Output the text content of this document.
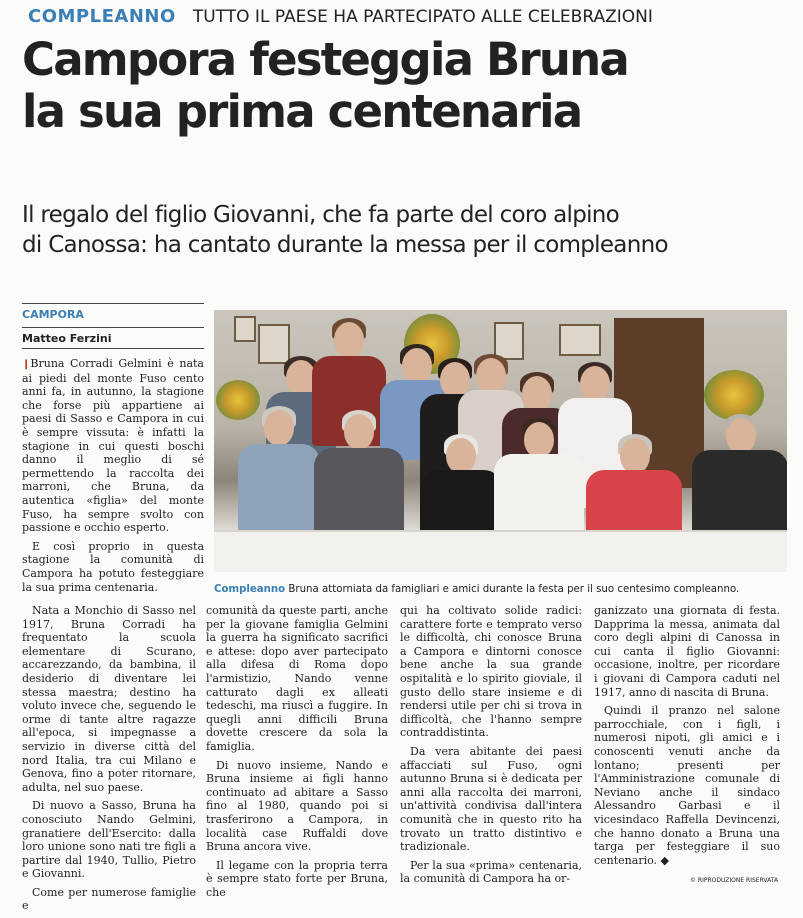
COMPLEANNO TUTTO IL PAESE HA PARTECIPATO ALLE CELEBRAZIONI
Campora festeggia Bruna
la sua prima centenaria
Il regalo del figlio Giovanni, che fa parte del coro alpino
di Canossa: ha cantato durante la messa per il compleanno
CAMPORA
Matteo Ferzini

❙ Bruna Corradi Gelmini è nata ai piedi del monte Fuso cento anni fa, in autunno, la stagione che forse più appartiene ai paesi di Sasso e Campora in cui è sempre vissuta: è infatti la stagione in cui questi boschi danno il meglio di sé permettendo la raccolta dei marroni, che Bruna, da autentica «figlia» del monte Fuso, ha sempre svolto con passione e occhio esperto.

E così proprio in questa stagione la comunità di Campora ha potuto festeggiare la sua prima centenaria.	Compleanno Bruna attorniata da famigliari e amici durante la festa per il suo centesimo compleanno.

Nata a Monchio di Sasso nel 1917, Bruna Corradi ha frequentato la scuola elementare di Scurano, accarezzando, da bambina, il desiderio di diventare lei stessa maestra; destino ha voluto invece che, seguendo le orme di tante altre ragazze all'epoca, si impegnasse a servizio in diverse città del nord Italia, tra cui Milano e Genova, fino a poter ritornare, adulta, nel suo paese.

Di nuovo a Sasso, Bruna ha conosciuto Nando Gelmini, granatiere dell'Esercito: dalla loro unione sono nati tre figli a partire dal 1940, Tullio, Pietro e Giovanni.

Come per numerose famiglie e

comunità da queste parti, anche per la giovane famiglia Gelmini la guerra ha significato sacrifici e attese: dopo aver partecipato alla difesa di Roma dopo l'armistizio, Nando venne catturato dagli ex alleati tedeschi, ma riuscì a fuggire. In quegli anni difficili Bruna dovette crescere da sola la famiglia.

Di nuovo insieme, Nando e Bruna insieme ai figli hanno continuato ad abitare a Sasso fino al 1980, quando poi si trasferirono a Campora, in località case Ruffaldi dove Bruna ancora vive.

Il legame con la propria terra è sempre stato forte per Bruna, che

qui ha coltivato solide radici: carattere forte e temprato verso le difficoltà, chi conosce Bruna a Campora e dintorni conosce bene anche la sua grande ospitalità e lo spirito gioviale, il gusto dello stare insieme e di rendersi utile per chi si trova in difficoltà, che l'hanno sempre contraddistinta.

Da vera abitante dei paesi affacciati sul Fuso, ogni autunno Bruna si è dedicata per anni alla raccolta dei marroni, un'attività condivisa dall'intera comunità che in questo rito ha trovato un tratto distintivo e tradizionale.

Per la sua «prima» centenaria, la comunità di Campora ha or-

ganizzato una giornata di festa. Dapprima la messa, animata dal coro degli alpini di Canossa in cui canta il figlio Giovanni: occasione, inoltre, per ricordare i giovani di Campora caduti nel 1917, anno di nascita di Bruna.

Quindi il pranzo nel salone parrocchiale, con i figli, i numerosi nipoti, gli amici e i conoscenti venuti anche da lontano; presenti per l'Amministrazione comunale di Neviano anche il sindaco Alessandro Garbasi e il vicesindaco Raffella Devincenzi, che hanno donato a Bruna una targa per festeggiare il suo centenario. ◆

© RIPRODUZIONE RISERVATA
